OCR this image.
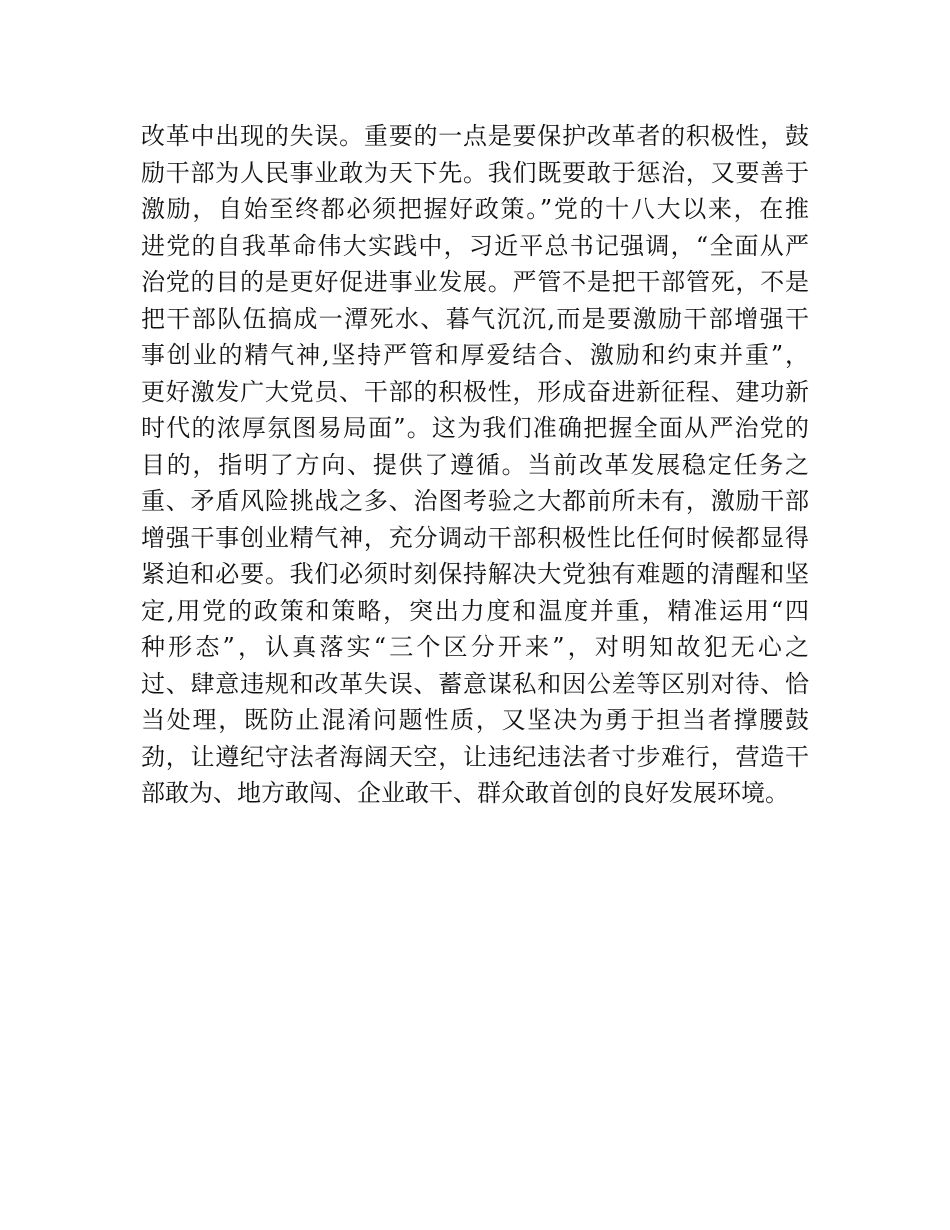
改革中出现的失误。重要的一点是要保护改革者的积极性，鼓
励干部为人民事业敢为天下先。我们既要敢于惩治，又要善于
激励，自始至终都必须把握好政策。”党的十八大以来，在推
进党的自我革命伟大实践中，习近平总书记强调，“全面从严
治党的目的是更好促进事业发展。严管不是把干部管死，不是
把干部队伍搞成一潭死水、暮气沉沉,而是要激励干部增强干
事创业的精气神,坚持严管和厚爱结合、激励和约束并重”，
更好激发广大党员、干部的积极性，形成奋进新征程、建功新
时代的浓厚氛图易局面”。这为我们准确把握全面从严治党的
目的，指明了方向、提供了遵循。当前改革发展稳定任务之
重、矛盾风险挑战之多、治图考验之大都前所未有，激励干部
增强干事创业精气神，充分调动干部积极性比任何时候都显得
紧迫和必要。我们必须时刻保持解决大党独有难题的清醒和坚
定,用党的政策和策略，突出力度和温度并重，精准运用“四
种形态”，认真落实“三个区分开来”，对明知故犯无心之
过、肆意违规和改革失误、蓄意谋私和因公差等区别对待、恰
当处理，既防止混淆问题性质，又坚决为勇于担当者撑腰鼓
劲，让遵纪守法者海阔天空，让违纪违法者寸步难行，营造干
部敢为、地方敢闯、企业敢干、群众敢首创的良好发展环境。
